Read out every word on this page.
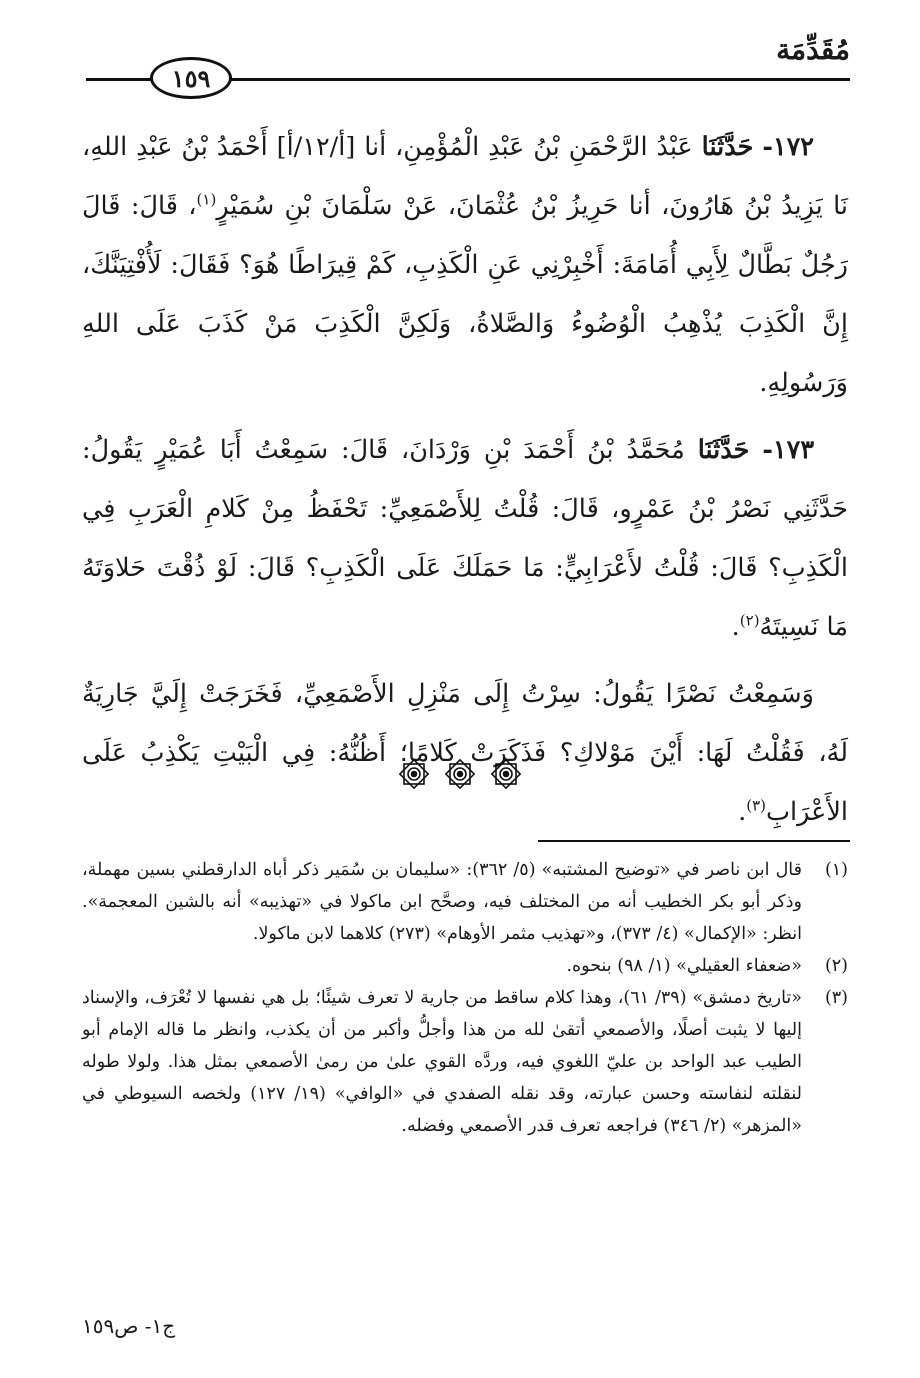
مُقَدِّمَة
١٥٩

١٧٢- حَدَّثَنَا عَبْدُ الرَّحْمَنِ بْنُ عَبْدِ الْمُؤْمِنِ، أنا [أ/١٢/أ] أَحْمَدُ بْنُ عَبْدِ اللهِ، نَا يَزِيدُ بْنُ هَارُونَ، أنا حَرِيزُ بْنُ عُثْمَانَ، عَنْ سَلْمَانَ بْنِ سُمَيْرٍ$^{(١)}$، قَالَ: قَالَ رَجُلٌ بَطَّالٌ لِأَبِي أُمَامَةَ: أَخْبِرْنِي عَنِ الْكَذِبِ، كَمْ قِيرَاطًا هُوَ؟ فَقَالَ: لَأُفْتِيَنَّكَ، إِنَّ الْكَذِبَ يُذْهِبُ الْوُضُوءُ وَالصَّلاةُ، وَلَكِنَّ الْكَذِبَ مَنْ كَذَبَ عَلَى اللهِ وَرَسُولِهِ.

١٧٣- حَدَّثَنَا مُحَمَّدُ بْنُ أَحْمَدَ بْنِ وَرْدَانَ، قَالَ: سَمِعْتُ أَبَا عُمَيْرٍ يَقُولُ: حَدَّثَنِي نَصْرُ بْنُ عَمْرٍو، قَالَ: قُلْتُ لِلأَصْمَعِيِّ: تَحْفَظُ مِنْ كَلامِ الْعَرَبِ فِي الْكَذِبِ؟ قَالَ: قُلْتُ لأَعْرَابِيٍّ: مَا حَمَلَكَ عَلَى الْكَذِبِ؟ قَالَ: لَوْ ذُقْتَ حَلاوَتَهُ مَا نَسِيتَهُ$^{(٢)}$.

وَسَمِعْتُ نَصْرًا يَقُولُ: سِرْتُ إِلَى مَنْزِلِ الأَصْمَعِيِّ، فَخَرَجَتْ إِلَيَّ جَارِيَةٌ لَهُ، فَقُلْتُ لَهَا: أَيْنَ مَوْلاكِ؟ فَذَكَرَتْ كَلامًا؛ أَظُنُّهُ: فِي الْبَيْتِ يَكْذِبُ عَلَى الأَعْرَابِ$^{(٣)}$.

(١)
قال ابن ناصر في «توضيح المشتبه» (٥/ ٣٦٢): «سليمان بن سُمَير ذكر أباه الدارقطني بسين مهملة، وذكر أبو بكر الخطيب أنه من المختلف فيه، وصحَّح ابن ماكولا في «تهذيبه» أنه بالشين المعجمة». انظر: «الإكمال» (٤/ ٣٧٣)، و«تهذيب مثمر الأوهام» (٢٧٣) كلاهما لابن ماكولا.
(٢)
«ضعفاء العقيلي» (١/ ٩٨) بنحوه.
(٣)
«تاريخ دمشق» (٣٩/ ٦١)، وهذا كلام ساقط من جارية لا تعرف شيئًا؛ بل هي نفسها لا تُعْرَف، والإسناد إليها لا يثبت أصلًا، والأصمعي أتقىٰ لله من هذا وأجلُّ وأكبر من أن يكذب، وانظر ما قاله الإمام أبو الطيب عبد الواحد بن عليّ اللغوي فيه، وردَّه القوي علىٰ من رمىٰ الأصمعي بمثل هذا. ولولا طوله لنقلته لنفاسته وحسن عبارته، وقد نقله الصفدي في «الوافي» (١٩/ ١٢٧) ولخصه السيوطي في «المزهر» (٢/ ٣٤٦) فراجعه تعرف قدر الأصمعي وفضله.
ج١- ص١٥٩
